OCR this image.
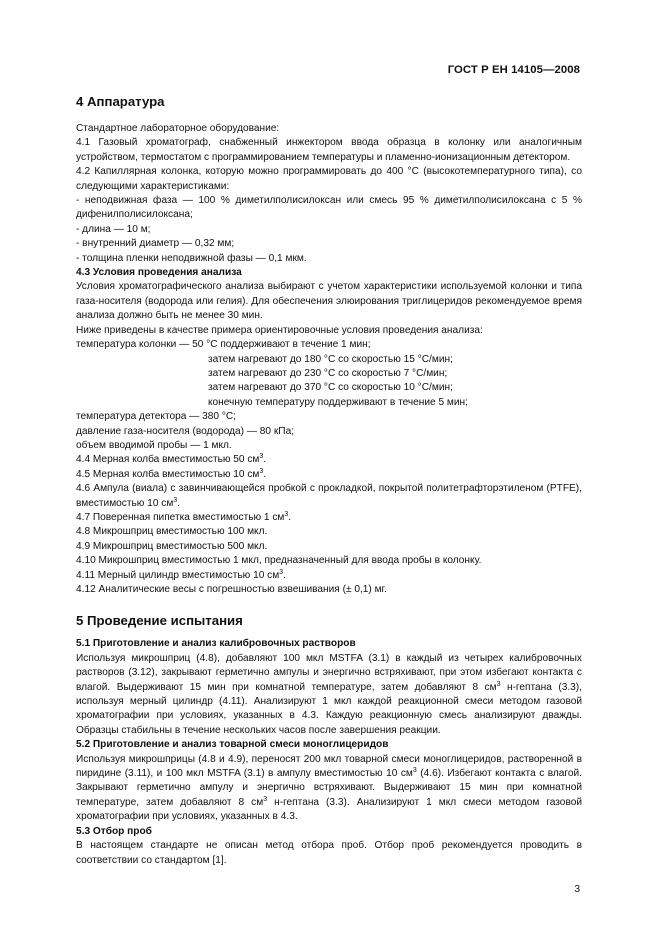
ГОСТ Р ЕН 14105—2008
4 Аппаратура
Стандартное лабораторное оборудование:
4.1 Газовый хроматограф, снабженный инжектором ввода образца в колонку или аналогичным устройством, термостатом с программированием температуры и пламенно-ионизационным детектором.
4.2 Капиллярная колонка, которую можно программировать до 400 °С (высокотемпературного типа), со следующими характеристиками:
- неподвижная фаза — 100 % диметилполисилоксан или смесь 95 % диметилполисилоксана с 5 % дифенилполисилоксана;
- длина — 10 м;
- внутренний диаметр — 0,32 мм;
- толщина пленки неподвижной фазы — 0,1 мкм.
4.3 Условия проведения анализа
Условия хроматографического анализа выбирают с учетом характеристики используемой колонки и типа газа-носителя (водорода или гелия). Для обеспечения элюирования триглицеридов рекомендуемое время анализа должно быть не менее 30 мин.
Ниже приведены в качестве примера ориентировочные условия проведения анализа:
температура колонки — 50 °С поддерживают в течение 1 мин;
затем нагревают до 180 °С со скоростью 15 °С/мин;
затем нагревают до 230 °С со скоростью 7 °С/мин;
затем нагревают до 370 °С со скоростью 10 °С/мин;
конечную температуру поддерживают в течение 5 мин;
температура детектора — 380 °С;
давление газа-носителя (водорода) — 80 кПа;
объем вводимой пробы — 1 мкл.
4.4 Мерная колба вместимостью 50 $см^3$.
4.5 Мерная колба вместимостью 10 $см^3$.
4.6 Ампула (виала) с завинчивающейся пробкой с прокладкой, покрытой политетрафторэтиленом (PTFE), вместимостью 10 $см^3$.
4.7 Поверенная пипетка вместимостью 1 $см^3$.
4.8 Микрошприц вместимостью 100 мкл.
4.9 Микрошприц вместимостью 500 мкл.
4.10 Микрошприц вместимостью 1 мкл, предназначенный для ввода пробы в колонку.
4.11 Мерный цилиндр вместимостью 10 $см^3$.
4.12 Аналитические весы с погрешностью взвешивания (± 0,1) мг.
5 Проведение испытания
5.1 Приготовление и анализ калибровочных растворов
Используя микрошприц (4.8), добавляют 100 мкл MSTFA (3.1) в каждый из четырех калибровочных растворов (3.12), закрывают герметично ампулы и энергично встряхивают, при этом избегают контакта с влагой. Выдерживают 15 мин при комнатной температуре, затем добавляют 8 $см^3$ н-гептана (3.3), используя мерный цилиндр (4.11). Анализируют 1 мкл каждой реакционной смеси методом газовой хроматографии при условиях, указанных в 4.3. Каждую реакционную смесь анализируют дважды. Образцы стабильны в течение нескольких часов после завершения реакции.
5.2 Приготовление и анализ товарной смеси моноглицеридов
Используя микрошприцы (4.8 и 4.9), переносят 200 мкл товарной смеси моноглицеридов, растворенной в пиридине (3.11), и 100 мкл MSTFA (3.1) в ампулу вместимостью 10 $см^3$ (4.6). Избегают контакта с влагой. Закрывают герметично ампулу и энергично встряхивают. Выдерживают 15 мин при комнатной температуре, затем добавляют 8 $см^3$ н-гептана (3.3). Анализируют 1 мкл смеси методом газовой хроматографии при условиях, указанных в 4.3.
5.3 Отбор проб
В настоящем стандарте не описан метод отбора проб. Отбор проб рекомендуется проводить в соответствии со стандартом [1].
3
